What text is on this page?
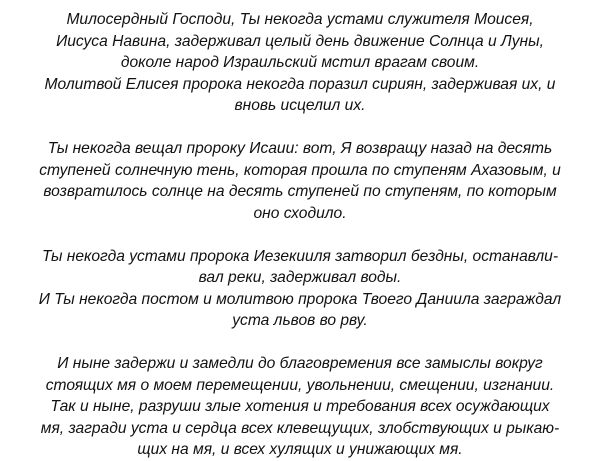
Милосердный Господи, Ты некогда устами служителя Моисея,
Иисуса Навина, задерживал целый день движение Солнца и Луны,
доколе народ Израильский мстил врагам своим.
Молитвой Елисея пророка некогда поразил сириян, задерживая их, и
вновь исцелил их.
Ты некогда вещал пророку Исаии: вот, Я возвращу назад на десять
ступеней солнечную тень, которая прошла по ступеням Ахазовым, и
возвратилось солнце на десять ступеней по ступеням, по которым
оно сходило.
Ты некогда устами пророка Иезекииля затворил бездны, останавли-
вал реки, задерживал воды.
И Ты некогда постом и молитвою пророка Твоего Даниила заграждал
уста львов во рву.
И ныне задержи и замедли до благовремения все замыслы вокруг
стоящих мя о моем перемещении, увольнении, смещении, изгнании.
Так и ныне, разруши злые хотения и требования всех осуждающих
мя, загради уста и сердца всех клевещущих, злобствующих и рыкаю-
щих на мя, и всех хулящих и унижающих мя.
